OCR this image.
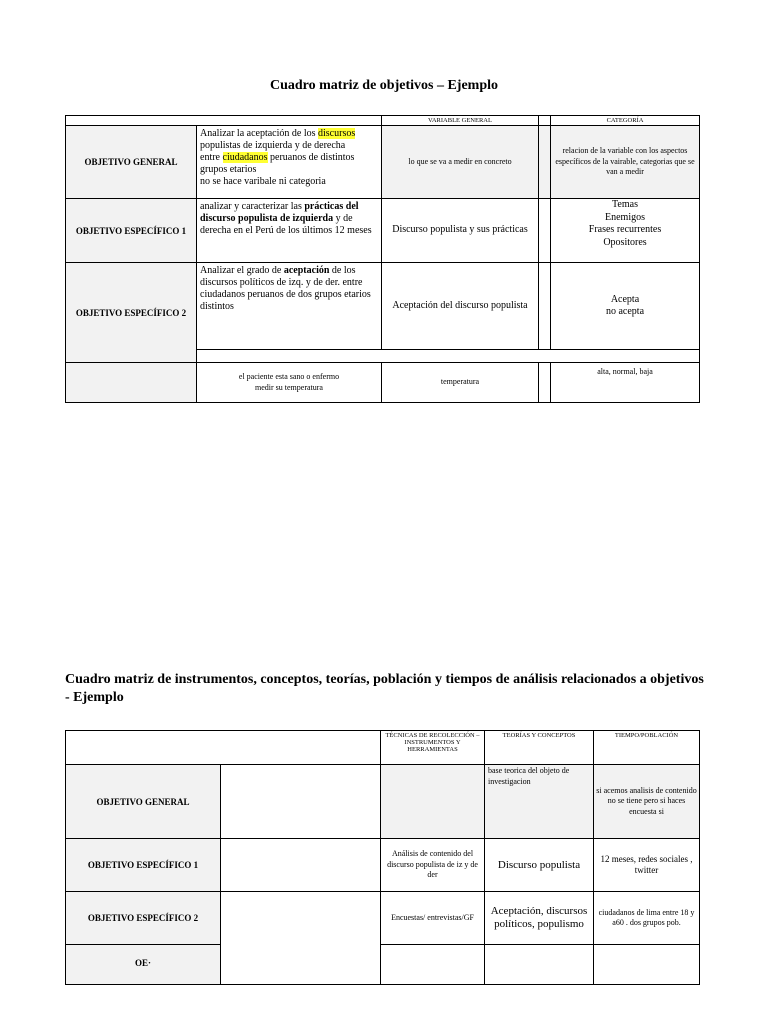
Cuadro matriz de objetivos – Ejemplo
		VARIABLE GENERAL		CATEGORÍA
OBJETIVO GENERAL	Analizar la aceptación de los discursos
populistas de izquierda y de derecha
entre ciudadanos peruanos de distintos grupos etarios
no se hace varibale ni categoria	lo que se va a medir en concreto		relacion de la variable con los aspectos específicos de la vairable, categorias que se van a medir
OBJETIVO ESPECÍFICO 1	analizar y caracterizar las prácticas del discurso populista de izquierda y de derecha en el Perú de los últimos 12 meses	Discurso populista y sus prácticas		Temas
Enemigos
Frases recurrentes
Opositores

OBJETIVO ESPECÍFICO 2	Analizar el grado de aceptación de los discursos políticos de izq. y de der. entre ciudadanos peruanos de dos grupos etarios distintos	Aceptación del discurso populista		Acepta
no acepta

	el paciente esta sano o enfermo
medir su temperatura	temperatura		alta, normal, baja
Cuadro matriz de instrumentos, conceptos, teorías, población y tiempos de análisis relacionados a objetivos - Ejemplo
		TÉCNICAS DE RECOLECCIÓN – INSTRUMENTOS Y HERRAMIENTAS	TEORÍAS Y CONCEPTOS	TIEMPO/POBLACIÓN
OBJETIVO GENERAL			base teorica del objeto de investigacion	si acemos analisis de contenido no se tiene pero si haces encuesta si
OBJETIVO ESPECÍFICO 1		Análisis de contenido del discurso populista de iz y de der	Discurso populista	12 meses, redes sociales , twitter
OBJETIVO ESPECÍFICO 2		Encuestas/ entrevistas/GF	Aceptación, discursos políticos, populismo	ciudadanos de lima entre 18 y a60 . dos grupos pob.
OE·				
